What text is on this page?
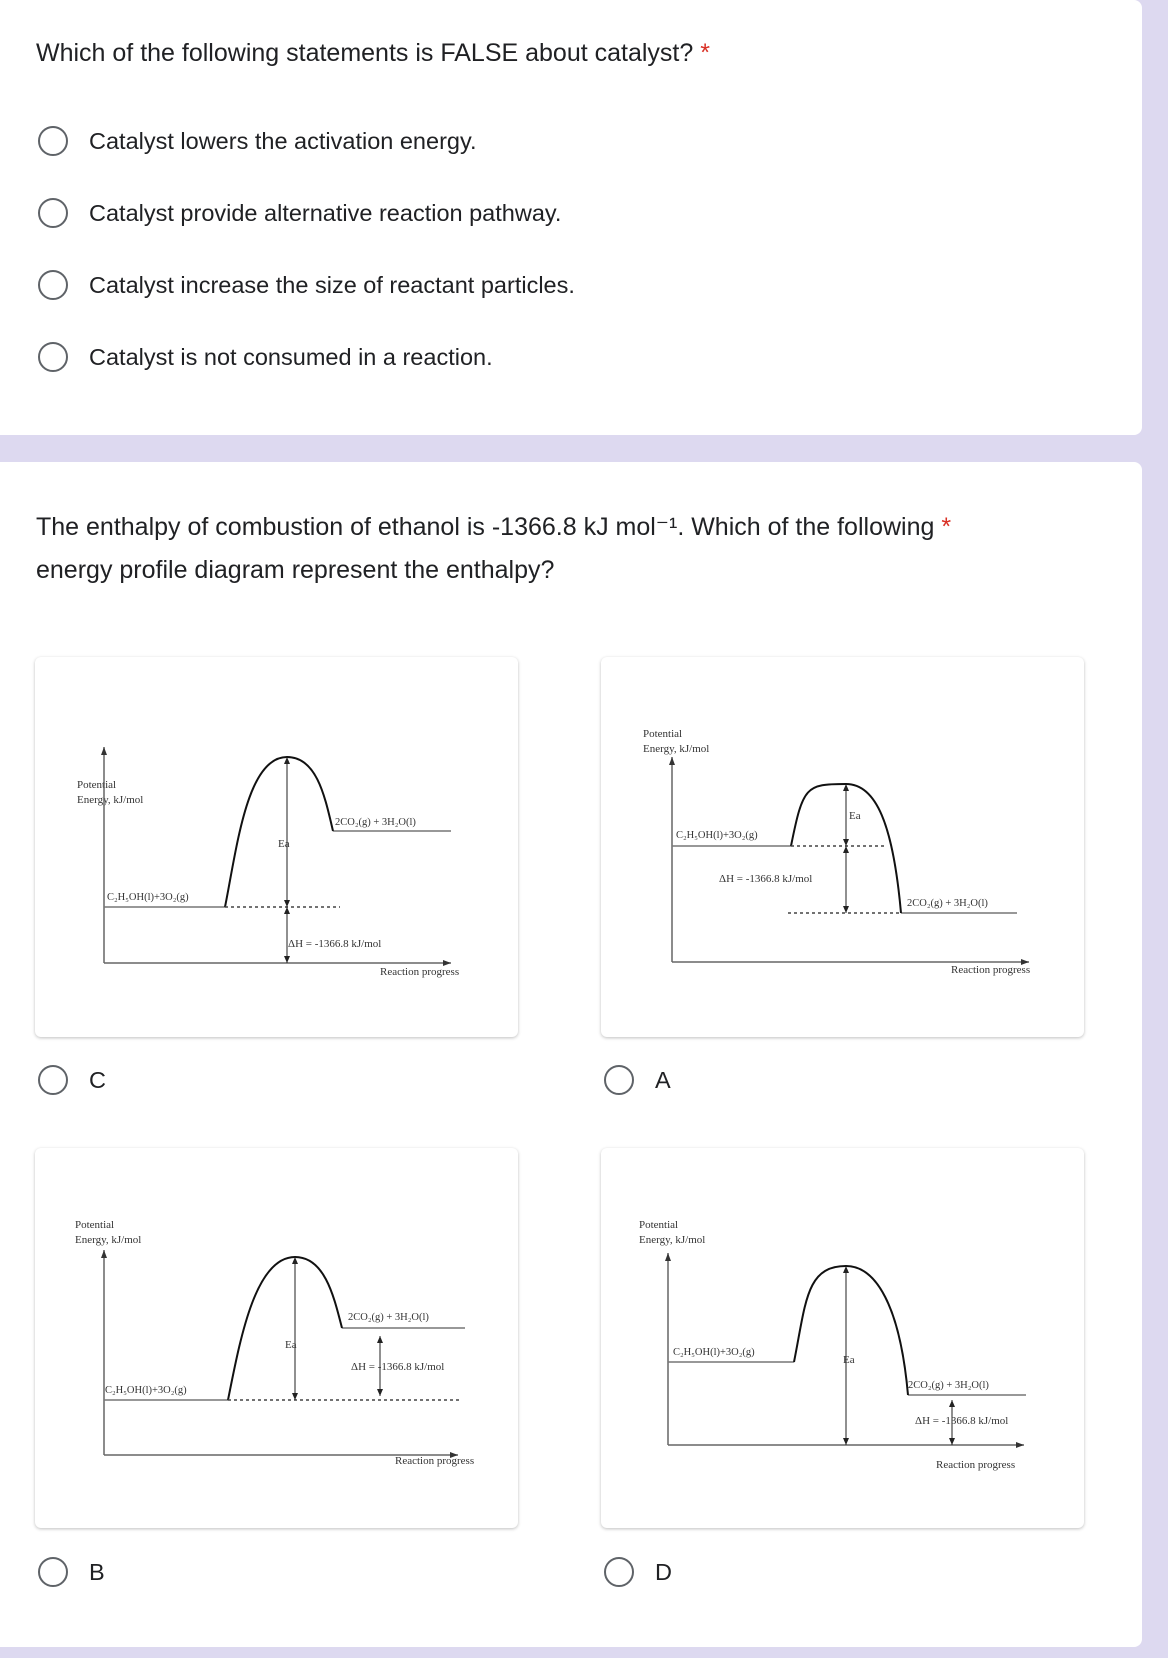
Which of the following statements is FALSE about catalyst? *
Catalyst lowers the activation energy.
Catalyst provide alternative reaction pathway.
Catalyst increase the size of reactant particles.
Catalyst is not consumed in a reaction.
The enthalpy of combustion of ethanol is -1366.8 kJ mol⁻¹. Which of the following *
energy profile diagram represent the enthalpy?
Potential
Energy, kJ/mol
Reaction progress
Ea
ΔH = -1366.8 kJ/mol
C₂H₅OH(l)+3O₂(g)
2CO₂(g) + 3H₂O(l)
Potential
Energy, kJ/mol
Reaction progress
Ea
ΔH = -1366.8 kJ/mol
C₂H₅OH(l)+3O₂(g)
2CO₂(g) + 3H₂O(l)
Potential
Energy, kJ/mol
Reaction progress
Ea
ΔH = -1366.8 kJ/mol
C₂H₅OH(l)+3O₂(g)
2CO₂(g) + 3H₂O(l)
Potential
Energy, kJ/mol
Reaction progress
Ea
ΔH = -1366.8 kJ/mol
C₂H₅OH(l)+3O₂(g)
2CO₂(g) + 3H₂O(l)
C	A
B	D
